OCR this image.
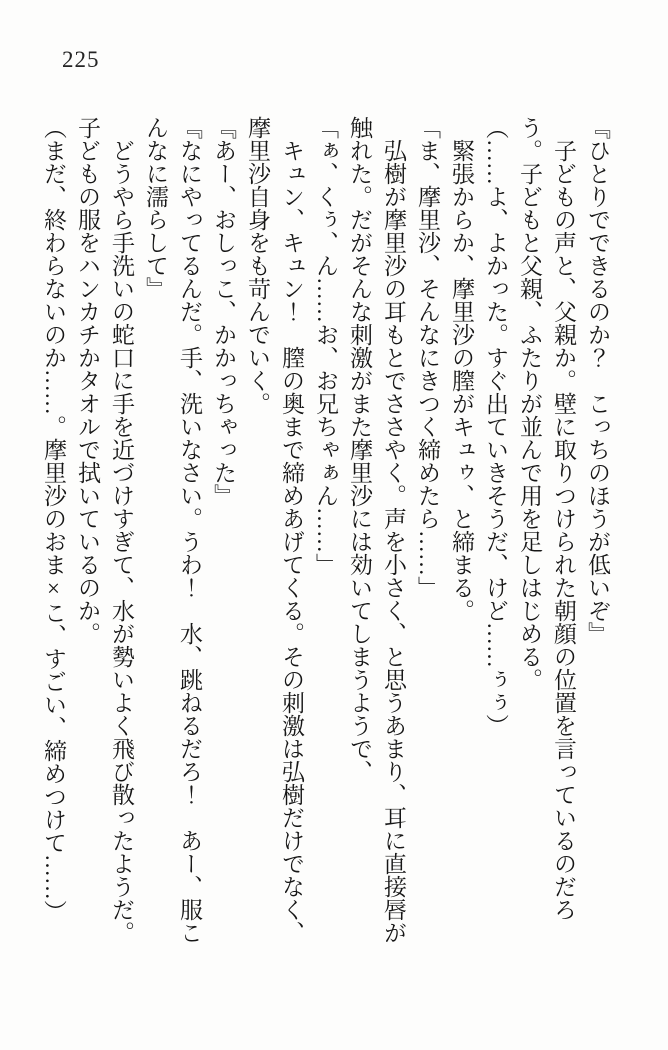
225

『ひとりでできるのか？　こっちのほうが低いぞ』

子どもの声と、父親か。壁に取りつけられた朝顔の位置を言っているのだろう。子どもと父親、ふたりが並んで用を足しはじめる。

（……よ、よかった。すぐ出ていきそうだ、けど……ぅぅ）

緊張からか、摩里沙の膣がキュゥ、と締まる。

「ま、摩里沙、そんなにきつく締めたら……」

弘樹が摩里沙の耳もとでささやく。声を小さく、と思うあまり、耳に直接唇が触れた。だがそんな刺激がまた摩里沙には効いてしまうようで、

「ぁ、くぅ、ん……お、お兄ちゃぁん……」

キュン、キュン！　膣の奥まで締めあげてくる。その刺激は弘樹だけでなく、摩里沙自身をも苛んでいく。

『あー、おしっこ、かかっちゃった』

『なにやってるんだ。手、洗いなさい。うわ！　水、跳ねるだろ！　あー、服こんなに濡らして』

どうやら手洗いの蛇口に手を近づけすぎて、水が勢いよく飛び散ったようだ。子どもの服をハンカチかタオルで拭いているのか。

（まだ、終わらないのか……。摩里沙のおま×こ、すごい、締めつけて……）
